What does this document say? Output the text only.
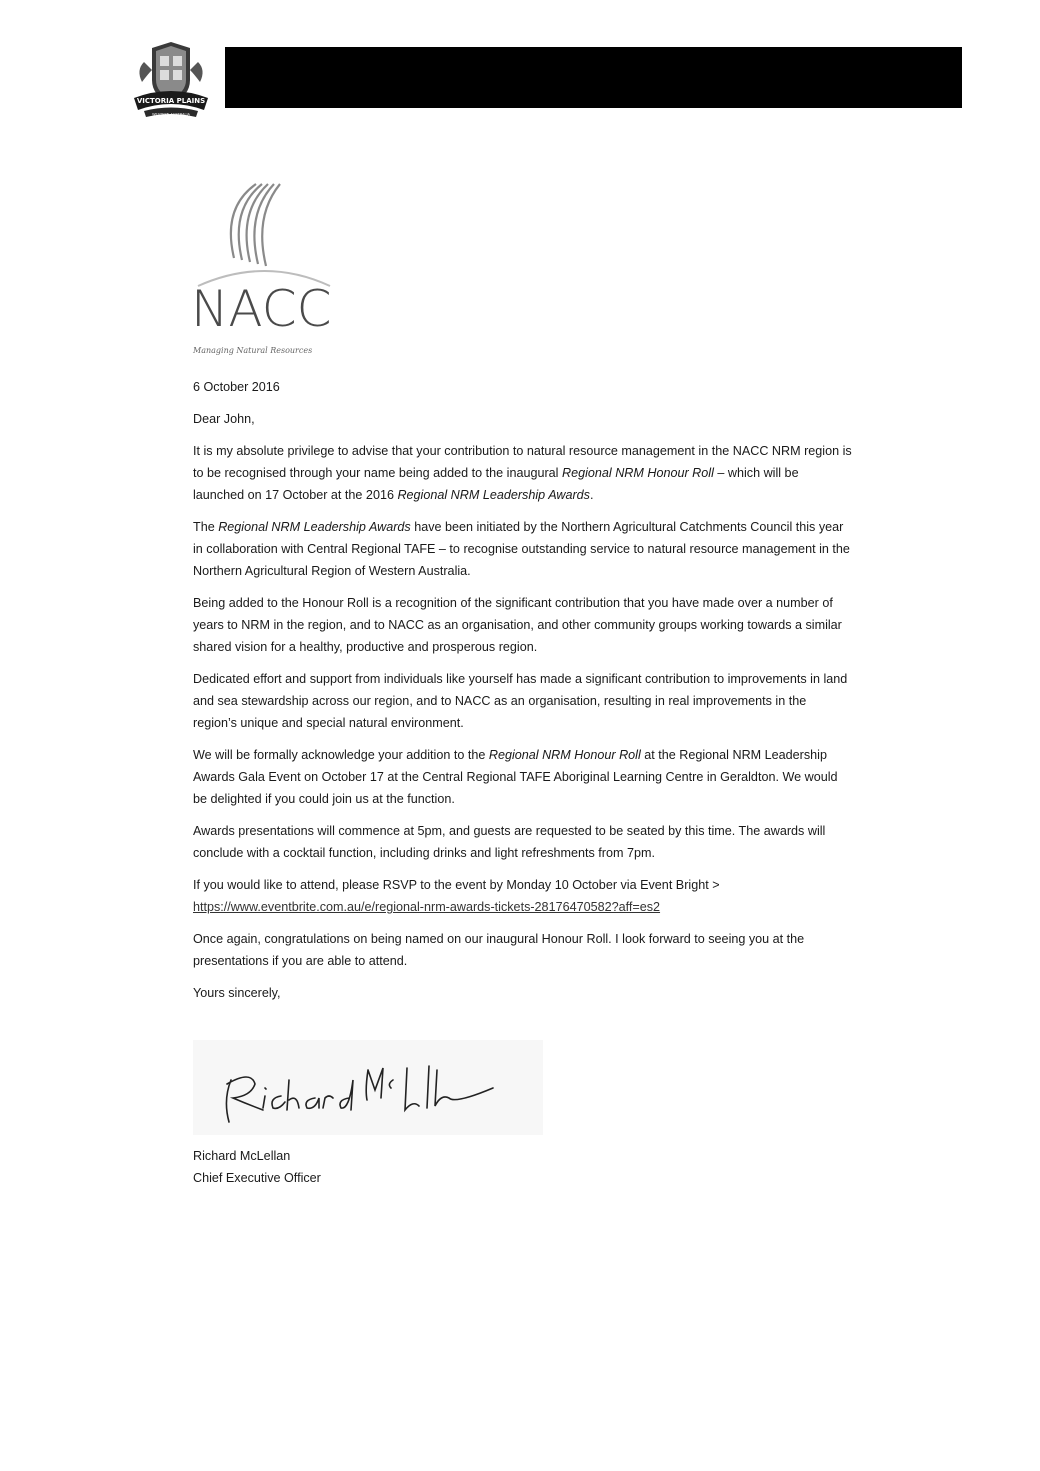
VICTORIA PLAINS
WESTERN AUSTRALIA
NACC
Managing Natural Resources

6 October 2016

Dear John,

It is my absolute privilege to advise that your contribution to natural resource management in the NACC NRM region is to be recognised through your name being added to the inaugural Regional NRM Honour Roll – which will be launched on 17 October at the 2016 Regional NRM Leadership Awards.

The Regional NRM Leadership Awards have been initiated by the Northern Agricultural Catchments Council this year in collaboration with Central Regional TAFE – to recognise outstanding service to natural resource management in the Northern Agricultural Region of Western Australia.

Being added to the Honour Roll is a recognition of the significant contribution that you have made over a number of years to NRM in the region, and to NACC as an organisation, and other community groups working towards a similar shared vision for a healthy, productive and prosperous region.

Dedicated effort and support from individuals like yourself has made a significant contribution to improvements in land and sea stewardship across our region, and to NACC as an organisation, resulting in real improvements in the region’s unique and special natural environment.

We will be formally acknowledge your addition to the Regional NRM Honour Roll at the Regional NRM Leadership Awards Gala Event on October 17 at the Central Regional TAFE Aboriginal Learning Centre in Geraldton. We would be delighted if you could join us at the function.

Awards presentations will commence at 5pm, and guests are requested to be seated by this time. The awards will conclude with a cocktail function, including drinks and light refreshments from 7pm.

If you would like to attend, please RSVP to the event by Monday 10 October via Event Bright >
https://www.eventbrite.com.au/e/regional-nrm-awards-tickets-28176470582?aff=es2

Once again, congratulations on being named on our inaugural Honour Roll. I look forward to seeing you at the presentations if you are able to attend.

Yours sincerely,

Richard McLellan
Chief Executive Officer
